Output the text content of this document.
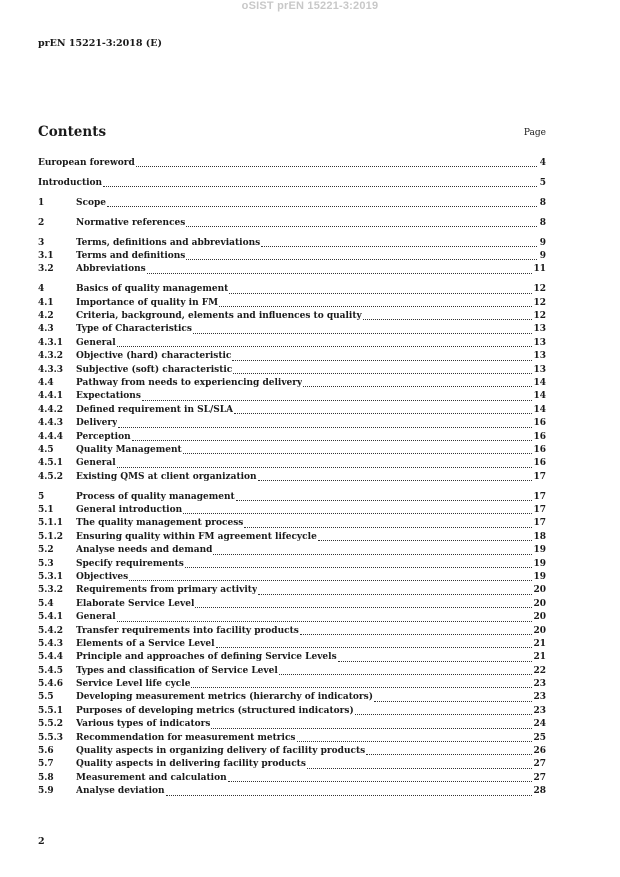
oSIST prEN 15221-3:2019
prEN 15221-3:2018 (E)
Contents	Page
European foreword	4
Introduction	5
1	Scope	8
2	Normative references	8
3	Terms, definitions and abbreviations	9
3.1	Terms and definitions	9
3.2	Abbreviations	11
4	Basics of quality management	12
4.1	Importance of quality in FM	12
4.2	Criteria, background, elements and influences to quality	12
4.3	Type of Characteristics	13
4.3.1	General	13
4.3.2	Objective (hard) characteristic	13
4.3.3	Subjective (soft) characteristic	13
4.4	Pathway from needs to experiencing delivery	14
4.4.1	Expectations	14
4.4.2	Defined requirement in SL/SLA	14
4.4.3	Delivery	16
4.4.4	Perception	16
4.5	Quality Management	16
4.5.1	General	16
4.5.2	Existing QMS at client organization	17
5	Process of quality management	17
5.1	General introduction	17
5.1.1	The quality management process	17
5.1.2	Ensuring quality within FM agreement lifecycle	18
5.2	Analyse needs and demand	19
5.3	Specify requirements	19
5.3.1	Objectives	19
5.3.2	Requirements from primary activity	20
5.4	Elaborate Service Level	20
5.4.1	General	20
5.4.2	Transfer requirements into facility products	20
5.4.3	Elements of a Service Level	21
5.4.4	Principle and approaches of defining Service Levels	21
5.4.5	Types and classification of Service Level	22
5.4.6	Service Level life cycle	23
5.5	Developing measurement metrics (hierarchy of indicators)	23
5.5.1	Purposes of developing metrics (structured indicators)	23
5.5.2	Various types of indicators	24
5.5.3	Recommendation for measurement metrics	25
5.6	Quality aspects in organizing delivery of facility products	26
5.7	Quality aspects in delivering facility products	27
5.8	Measurement and calculation	27
5.9	Analyse deviation	28
2
